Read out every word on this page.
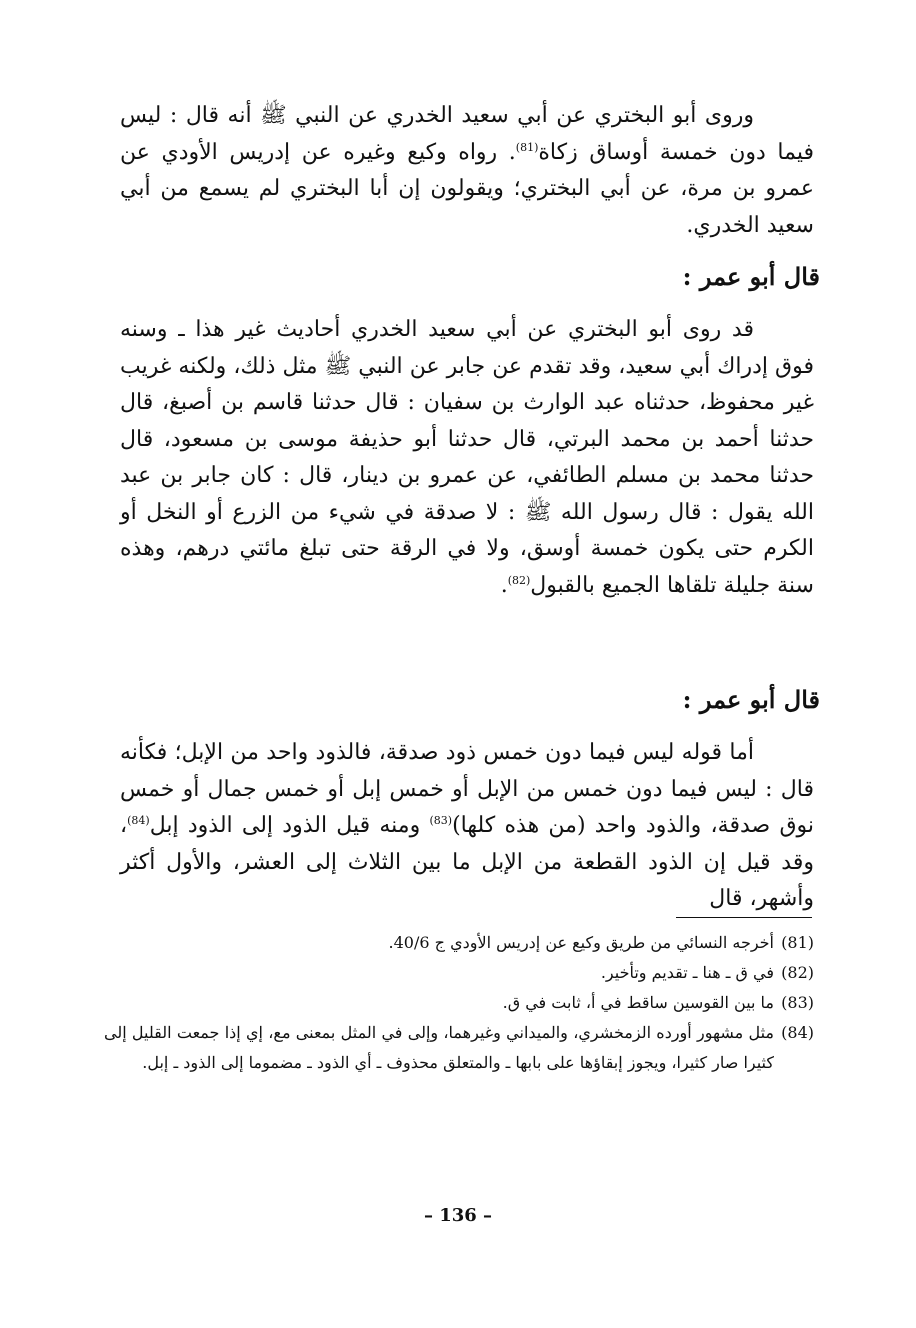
وروى أبو البختري عن أبي سعيد الخدري عن النبي ﷺ أنه قال : ليس فيما دون خمسة أوساق زكاة$^{(81)}$. رواه وكيع وغيره عن إدريس الأودي عن عمرو بن مرة، عن أبي البختري؛ ويقولون إن أبا البختري لم يسمع من أبي سعيد الخدري.

قال أبو عمر :

قد روى أبو البختري عن أبي سعيد الخدري أحاديث غير هذا ـ وسنه فوق إدراك أبي سعيد، وقد تقدم عن جابر عن النبي ﷺ مثل ذلك، ولكنه غريب غير محفوظ، حدثناه عبد الوارث بن سفيان : قال حدثنا قاسم بن أصبغ، قال حدثنا أحمد بن محمد البرتي، قال حدثنا أبو حذيفة موسى بن مسعود، قال حدثنا محمد بن مسلم الطائفي، عن عمرو بن دينار، قال : كان جابر بن عبد الله يقول : قال رسول الله ﷺ : لا صدقة في شيء من الزرع أو النخل أو الكرم حتى يكون خمسة أوسق، ولا في الرقة حتى تبلغ مائتي درهم، وهذه سنة جليلة تلقاها الجميع بالقبول$^{(82)}$.

قال أبو عمر :

أما قوله ليس فيما دون خمس ذود صدقة، فالذود واحد من الإبل؛ فكأنه قال : ليس فيما دون خمس من الإبل أو خمس إبل أو خمس جمال أو خمس نوق صدقة، والذود واحد (من هذه كلها)$^{(83)}$ ومنه قيل الذود إلى الذود إبل$^{(84)}$، وقد قيل إن الذود القطعة من الإبل ما بين الثلاث إلى العشر، والأول أكثر وأشهر، قال

(81)
أخرجه النسائي من طريق وكيع عن إدريس الأودي ج 40/6.
(82)
في ق ـ هنا ـ تقديم وتأخير.
(83)
ما بين القوسين ساقط في أ، ثابت في ق.
(84)
مثل مشهور أورده الزمخشري، والميداني وغيرهما، وإلى في المثل بمعنى مع، إي إذا جمعت القليل إلى كثيرا صار كثيرا، ويجوز إبقاؤها على بابها ـ والمتعلق محذوف ـ أي الذود ـ مضموما إلى الذود ـ إبل.
– 136 –
